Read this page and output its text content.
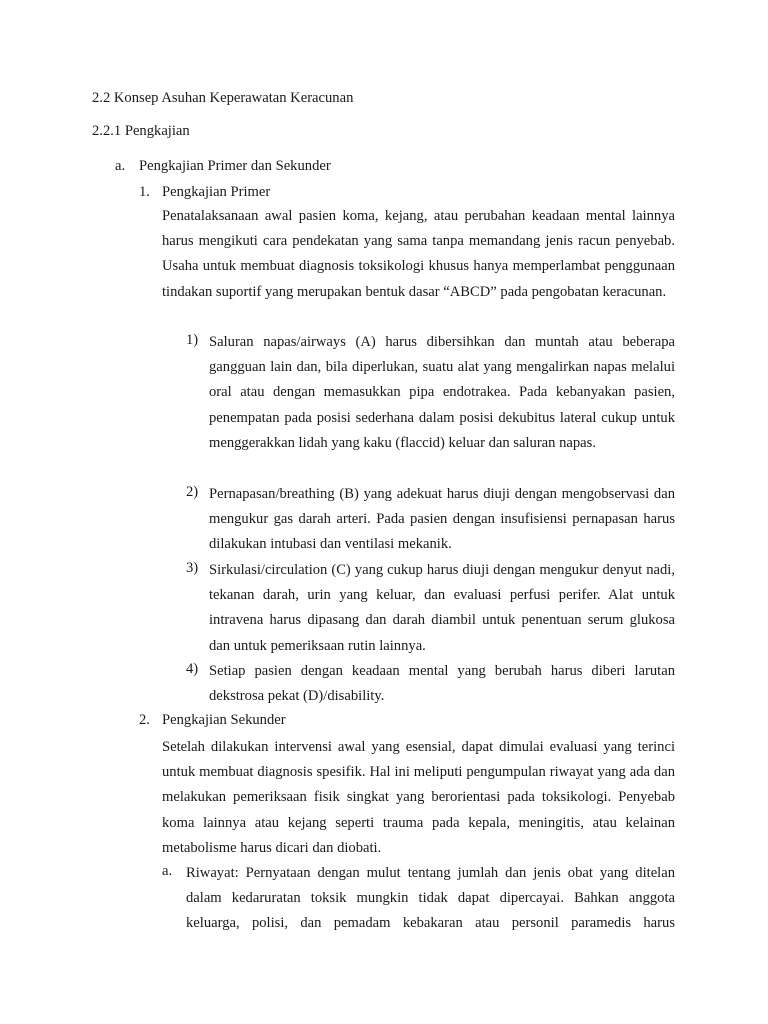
2.2 Konsep Asuhan Keperawatan Keracunan
2.2.1 Pengkajian
a. Pengkajian Primer dan Sekunder
1. Pengkajian Primer

Penatalaksanaan awal pasien koma, kejang, atau perubahan keadaan mental lainnya harus mengikuti cara pendekatan yang sama tanpa memandang jenis racun penyebab. Usaha untuk membuat diagnosis toksikologi khusus hanya memperlambat penggunaan tindakan suportif yang merupakan bentuk dasar “ABCD” pada pengobatan keracunan.

1) Saluran napas/airways (A) harus dibersihkan dan muntah atau beberapa gangguan lain dan, bila diperlukan, suatu alat yang mengalirkan napas melalui oral atau dengan memasukkan pipa endotrakea. Pada kebanyakan pasien, penempatan pada posisi sederhana dalam posisi dekubitus lateral cukup untuk menggerakkan lidah yang kaku (flaccid) keluar dan saluran napas.

2) Pernapasan/breathing (B) yang adekuat harus diuji dengan mengobservasi dan mengukur gas darah arteri. Pada pasien dengan insufisiensi pernapasan harus dilakukan intubasi dan ventilasi mekanik.

3) Sirkulasi/circulation (C) yang cukup harus diuji dengan mengukur denyut nadi, tekanan darah, urin yang keluar, dan evaluasi perfusi perifer. Alat untuk intravena harus dipasang dan darah diambil untuk penentuan serum glukosa dan untuk pemeriksaan rutin lainnya.

4) Setiap pasien dengan keadaan mental yang berubah harus diberi larutan dekstrosa pekat (D)/disability.

2. Pengkajian Sekunder

Setelah dilakukan intervensi awal yang esensial, dapat dimulai evaluasi yang terinci untuk membuat diagnosis spesifik. Hal ini meliputi pengumpulan riwayat yang ada dan melakukan pemeriksaan fisik singkat yang berorientasi pada toksikologi. Penyebab koma lainnya atau kejang seperti trauma pada kepala, meningitis, atau kelainan metabolisme harus dicari dan diobati.

a. Riwayat: Pernyataan dengan mulut tentang jumlah dan jenis obat yang ditelan dalam kedaruratan toksik mungkin tidak dapat dipercayai. Bahkan anggota keluarga, polisi, dan pemadam kebakaran atau personil paramedis harus
